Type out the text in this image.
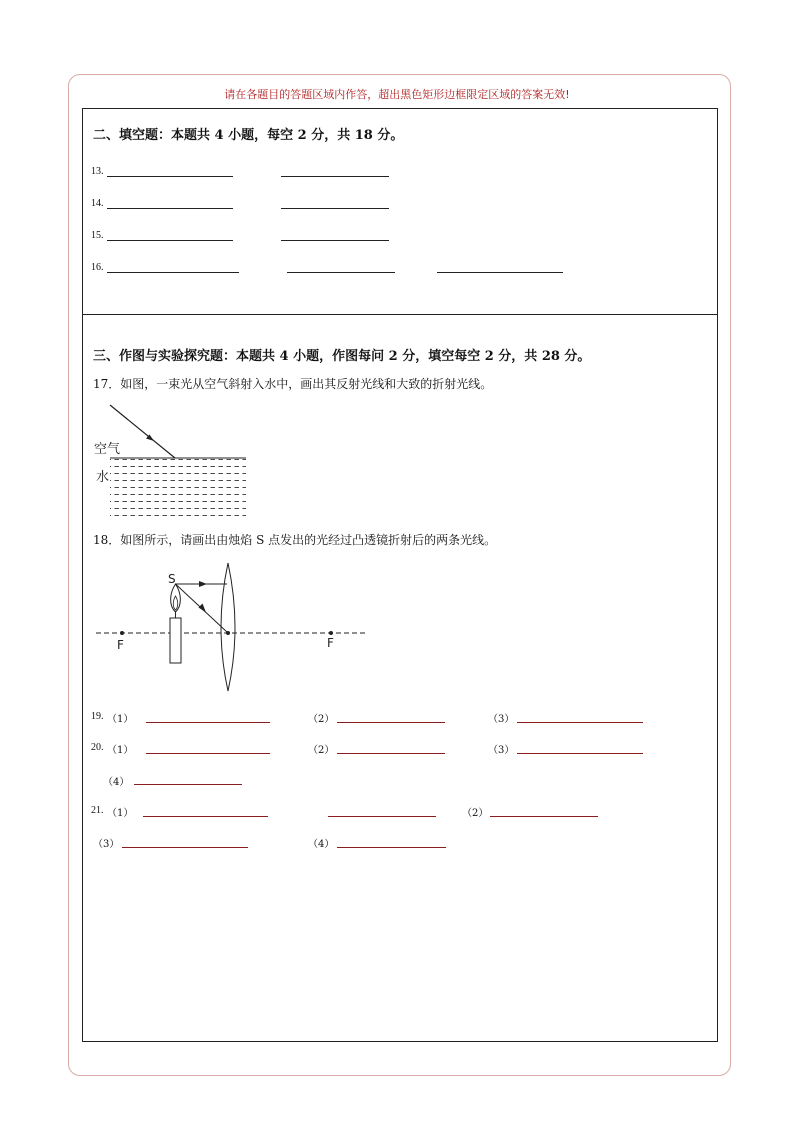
请在各题目的答题区域内作答，超出黑色矩形边框限定区域的答案无效!
二、填空题：本题共 4 小题，每空 2 分，共 18 分。
13.
14.
15.
16.
三、作图与实验探究题：本题共 4 小题，作图每问 2 分，填空每空 2 分，共 28 分。
17．如图，一束光从空气斜射入水中，画出其反射光线和大致的折射光线。
空气
水
18．如图所示，请画出由烛焰 S 点发出的光经过凸透镜折射后的两条光线。
S
F	F
19. （1）	（2）	（3）
20. （1）	（2）	（3）
（4）
21. （1）	（2）
（3）	（4）
